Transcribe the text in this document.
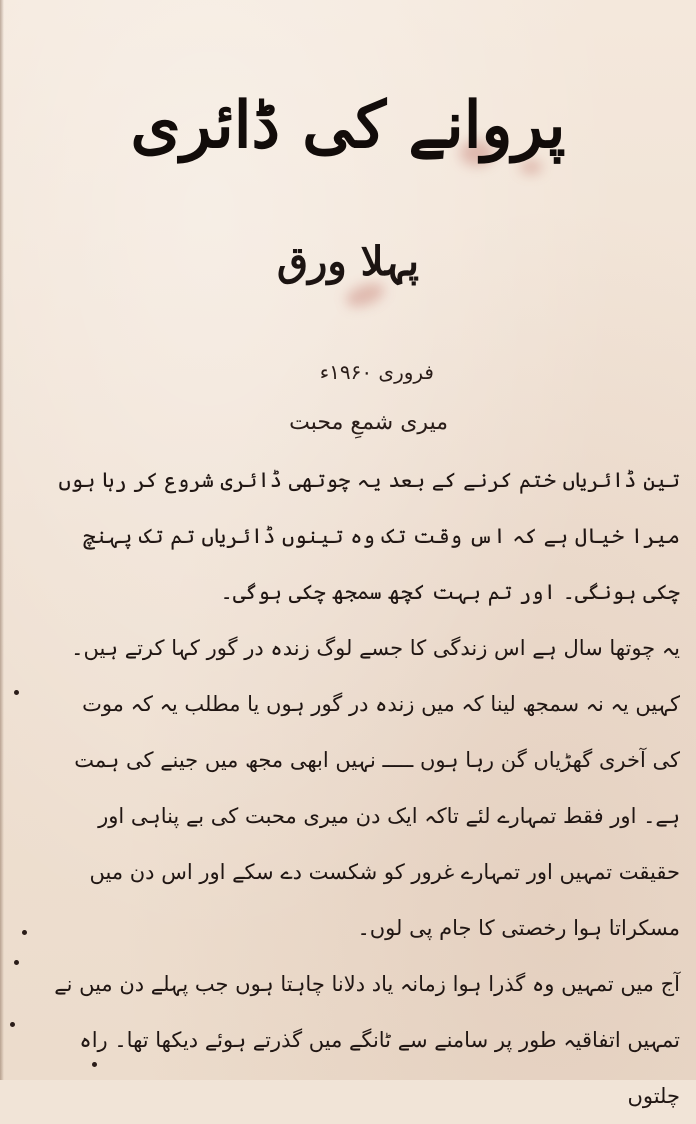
پروانے کی ڈائری
پہلا ورق
فروری ۱۹۶۰ء
میری شمعِ محبت

تین ڈائریاں ختم کرنے کے بعد یہ چوتھی ڈائری شروع کر رہا ہوں میرا خیال ہے کہ اس وقت تک وہ تینوں ڈائریاں تم تک پہنچ چکی ہونگی۔ اور تم بہت کچھ سمجھ چکی ہوگی۔

یہ چوتھا سال ہے اس زندگی کا جسے لوگ زندہ در گور کہا کرتے ہیں۔ کہیں یہ نہ سمجھ لینا کہ میں زندہ در گور ہوں یا مطلب یہ کہ موت کی آخری گھڑیاں گن رہا ہوں ـــــ نہیں ابھی مجھ میں جینے کی ہمت ہے۔ اور فقط تمہارے لئے تاکہ ایک دن میری محبت کی بے پناہی اور حقیقت تمہیں اور تمہارے غرور کو شکست دے سکے اور اس دن میں مسکراتا ہوا رخصتی کا جام پی لوں۔

آج میں تمہیں وہ گذرا ہوا زمانہ یاد دلانا چاہتا ہوں جب پہلے دن میں نے تمہیں اتفاقیہ طور پر سامنے سے ٹانگے میں گذرتے ہوئے دیکھا تھا۔ راہ چلتوں
